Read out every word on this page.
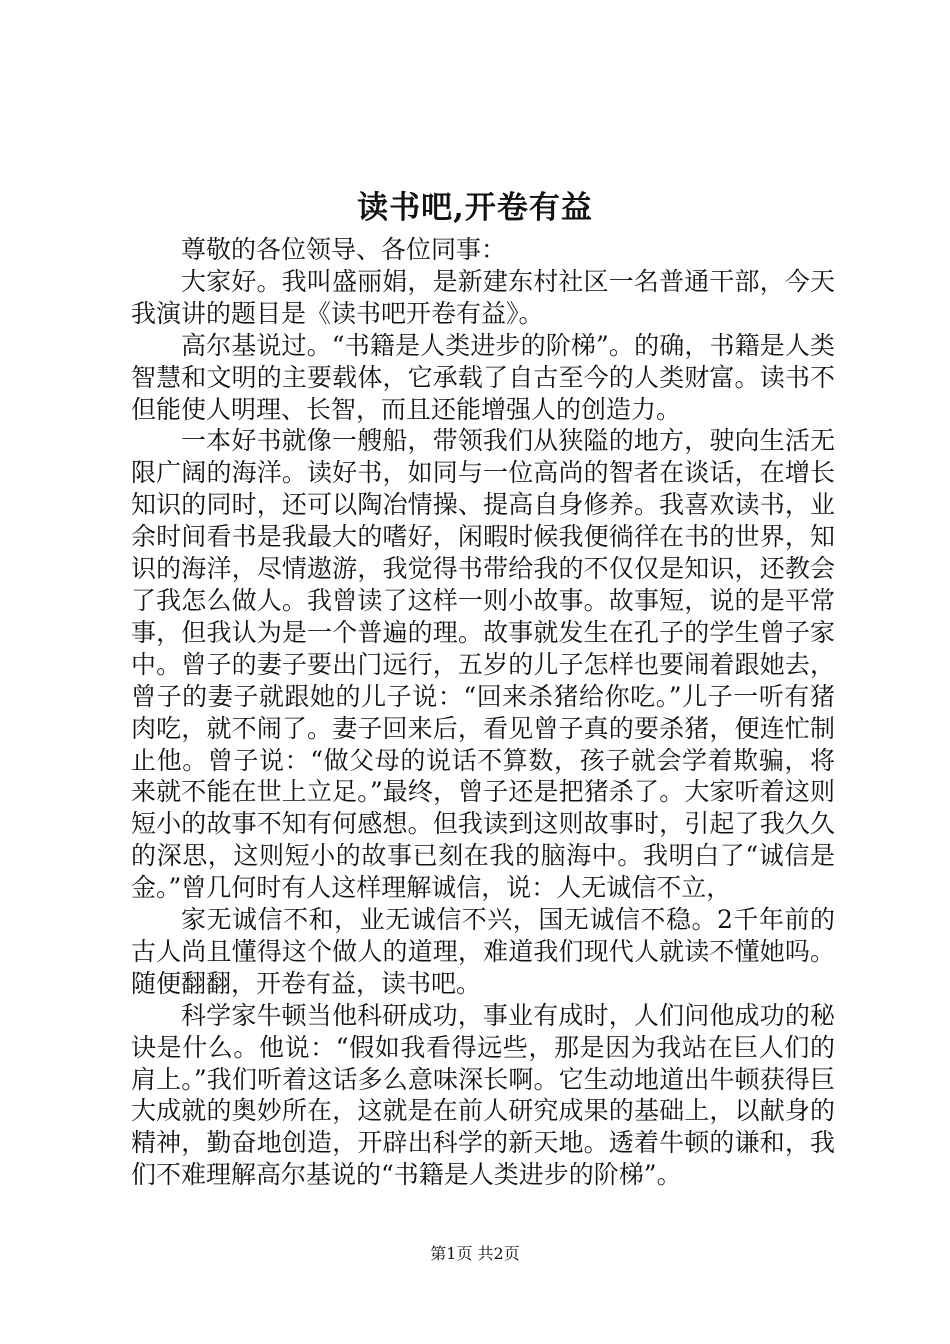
读书吧,开卷有益

尊敬的各位领导、各位同事：

大家好。我叫盛丽娟，是新建东村社区一名普通干部，今天我演讲的题目是《读书吧开卷有益》。

高尔基说过。“书籍是人类进步的阶梯”。的确，书籍是人类智慧和文明的主要载体，它承载了自古至今的人类财富。读书不但能使人明理、长智，而且还能增强人的创造力。

一本好书就像一艘船，带领我们从狭隘的地方，驶向生活无限广阔的海洋。读好书，如同与一位高尚的智者在谈话，在增长知识的同时，还可以陶冶情操、提高自身修养。我喜欢读书，业余时间看书是我最大的嗜好，闲暇时候我便徜徉在书的世界，知识的海洋，尽情遨游，我觉得书带给我的不仅仅是知识，还教会了我怎么做人。我曾读了这样一则小故事。故事短，说的是平常事，但我认为是一个普遍的理。故事就发生在孔子的学生曾子家中。曾子的妻子要出门远行，五岁的儿子怎样也要闹着跟她去，曾子的妻子就跟她的儿子说：“回来杀猪给你吃。”儿子一听有猪肉吃，就不闹了。妻子回来后，看见曾子真的要杀猪，便连忙制止他。曾子说：“做父母的说话不算数，孩子就会学着欺骗，将来就不能在世上立足。”最终，曾子还是把猪杀了。大家听着这则短小的故事不知有何感想。但我读到这则故事时，引起了我久久的深思，这则短小的故事已刻在我的脑海中。我明白了“诚信是金。”曾几何时有人这样理解诚信，说：人无诚信不立，

家无诚信不和，业无诚信不兴，国无诚信不稳。2千年前的古人尚且懂得这个做人的道理，难道我们现代人就读不懂她吗。随便翻翻，开卷有益，读书吧。

科学家牛顿当他科研成功，事业有成时，人们问他成功的秘诀是什么。他说：“假如我看得远些，那是因为我站在巨人们的肩上。”我们听着这话多么意味深长啊。它生动地道出牛顿获得巨大成就的奥妙所在，这就是在前人研究成果的基础上，以献身的精神，勤奋地创造，开辟出科学的新天地。透着牛顿的谦和，我们不难理解高尔基说的“书籍是人类进步的阶梯”。

第1页 共2页
